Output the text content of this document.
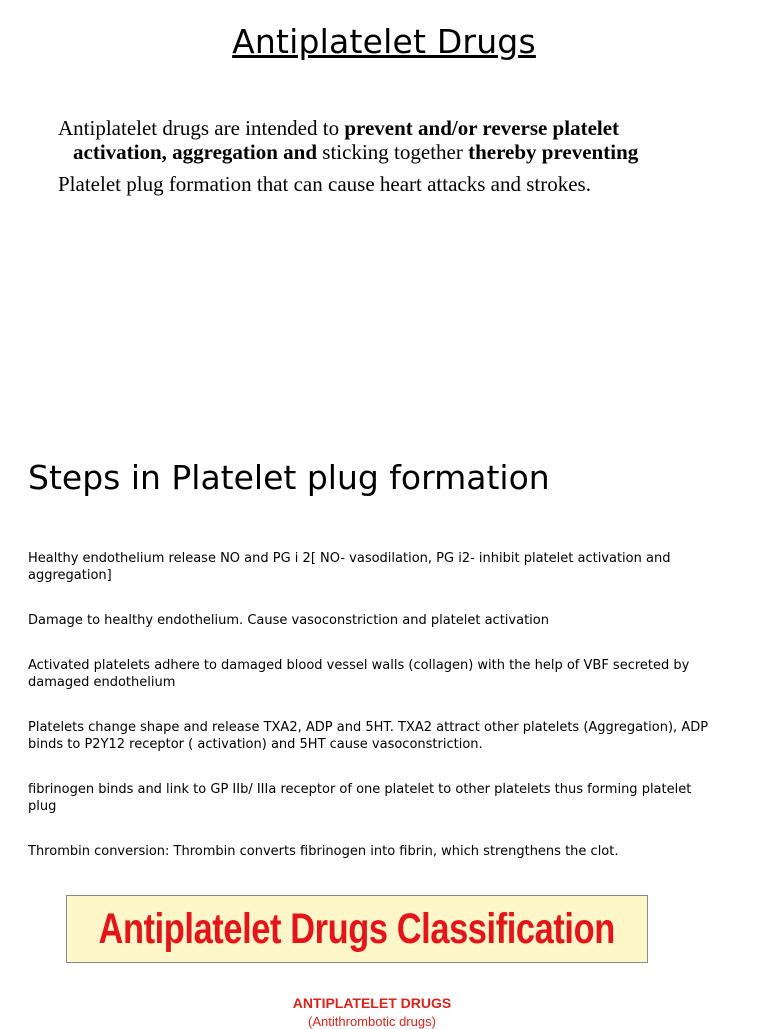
Antiplatelet Drugs

Antiplatelet drugs are intended to prevent and/or reverse platelet activation, aggregation and sticking together thereby preventing

Platelet plug formation that can cause heart attacks and strokes.

Steps in Platelet plug formation
Healthy endothelium release NO and PG i 2[ NO- vasodilation, PG i2- inhibit platelet activation and aggregation]
Damage to healthy endothelium. Cause vasoconstriction and platelet activation
Activated platelets adhere to damaged blood vessel walls (collagen) with the help of VBF secreted by damaged endothelium
Platelets change shape and release TXA2, ADP and 5HT. TXA2 attract other platelets (Aggregation), ADP binds to P2Y12 receptor ( activation) and 5HT cause vasoconstriction.
fibrinogen binds and link to GP IIb/ IIIa receptor of one platelet to other platelets thus forming platelet plug
Thrombin conversion: Thrombin converts fibrinogen into fibrin, which strengthens the clot.
Antiplatelet Drugs Classification

ANTIPLATELET DRUGS

(Antithrombotic drugs)
